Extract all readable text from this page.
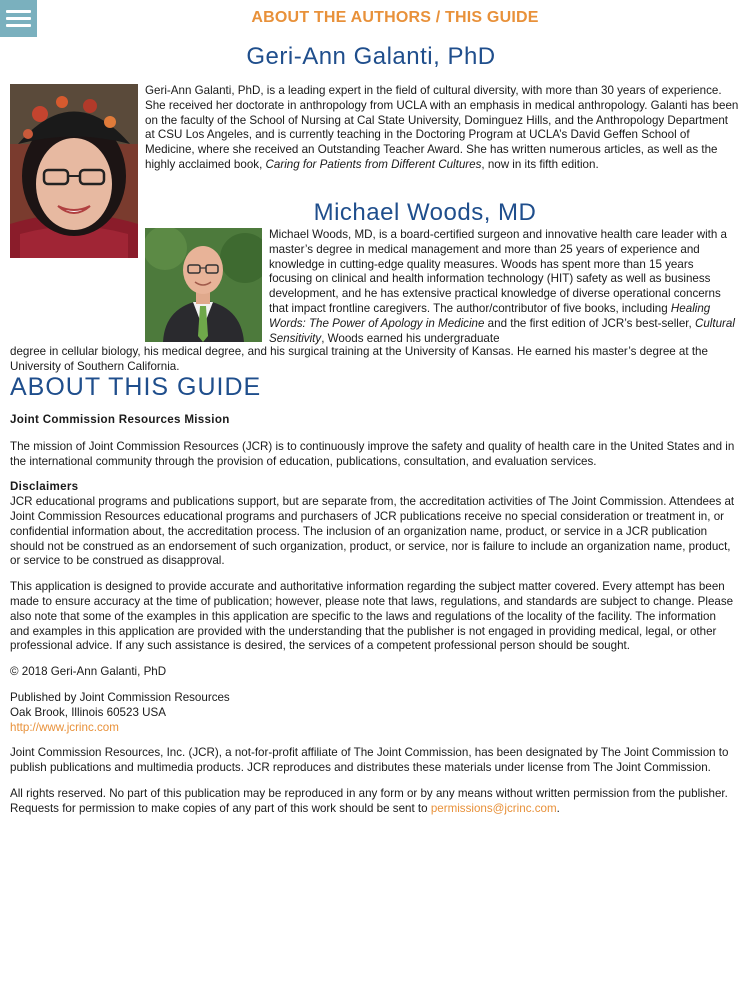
ABOUT THE AUTHORS / THIS GUIDE
Geri-Ann Galanti, PhD
Geri-Ann Galanti, PhD, is a leading expert in the field of cultural diversity, with more than 30 years of experience. She received her doctorate in anthropology from UCLA with an emphasis in medical anthropology. Galanti has been on the faculty of the School of Nursing at Cal State University, Dominguez Hills, and the Anthropology Department at CSU Los Angeles, and is currently teaching in the Doctoring Program at UCLA’s David Geffen School of Medicine, where she received an Outstanding Teacher Award. She has written numerous articles, as well as the highly acclaimed book, Caring for Patients from Different Cultures, now in its fifth edition.
Michael Woods, MD
Michael Woods, MD, is a board-certified surgeon and innovative health care leader with a master’s degree in medical management and more than 25 years of experience and knowledge in cutting-edge quality measures. Woods has spent more than 15 years focusing on clinical and health information technology (HIT) safety as well as business development, and he has extensive practical knowledge of diverse operational concerns that impact frontline caregivers. The author/contributor of five books, including Healing Words: The Power of Apology in Medicine and the first edition of JCR’s best-seller, Cultural Sensitivity, Woods earned his undergraduate
degree in cellular biology, his medical degree, and his surgical training at the University of Kansas. He earned his master’s degree at the University of Southern California.
ABOUT THIS GUIDE

Joint Commission Resources Mission

The mission of Joint Commission Resources (JCR) is to continuously improve the safety and quality of health care in the United States and in the international community through the provision of education, publications, consultation, and evaluation services.

Disclaimers

JCR educational programs and publications support, but are separate from, the accreditation activities of The Joint Commission. Attendees at Joint Commission Resources educational programs and purchasers of JCR publications receive no special consideration or treatment in, or confidential information about, the accreditation process. The inclusion of an organization name, product, or service in a JCR publication should not be construed as an endorsement of such organization, product, or service, nor is failure to include an organization name, product, or service to be construed as disapproval.

This application is designed to provide accurate and authoritative information regarding the subject matter covered. Every attempt has been made to ensure accuracy at the time of publication; however, please note that laws, regulations, and standards are subject to change. Please also note that some of the examples in this application are specific to the laws and regulations of the locality of the facility. The information and examples in this application are provided with the understanding that the publisher is not engaged in providing medical, legal, or other professional advice. If any such assistance is desired, the services of a competent professional person should be sought.

© 2018 Geri-Ann Galanti, PhD

Published by Joint Commission Resources
Oak Brook, Illinois 60523 USA
http://www.jcrinc.com

Joint Commission Resources, Inc. (JCR), a not-for-profit affiliate of The Joint Commission, has been designated by The Joint Commission to publish publications and multimedia products. JCR reproduces and distributes these materials under license from The Joint Commission.

All rights reserved. No part of this publication may be reproduced in any form or by any means without written permission from the publisher. Requests for permission to make copies of any part of this work should be sent to permissions@jcrinc.com.
